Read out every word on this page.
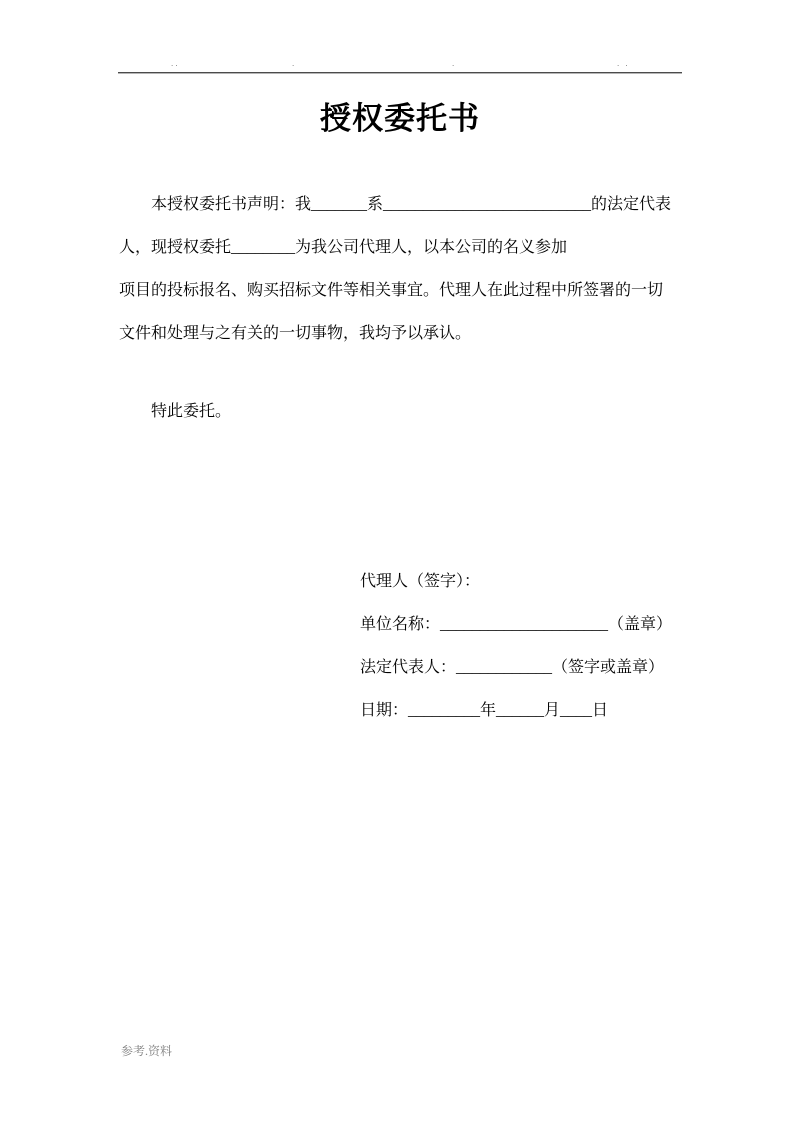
··	·	·	· ·
授权委托书
本授权委托书声明：我_______系__________________________的法定代表
人，现授权委托________为我公司代理人，以本公司的名义参加
项目的投标报名、购买招标文件等相关事宜。代理人在此过程中所签署的一切
文件和处理与之有关的一切事物，我均予以承认。
特此委托。
代理人（签字）：
单位名称：_____________________（盖章）
法定代表人：____________（签字或盖章）
日期：_________年______月____日
参考.资料
